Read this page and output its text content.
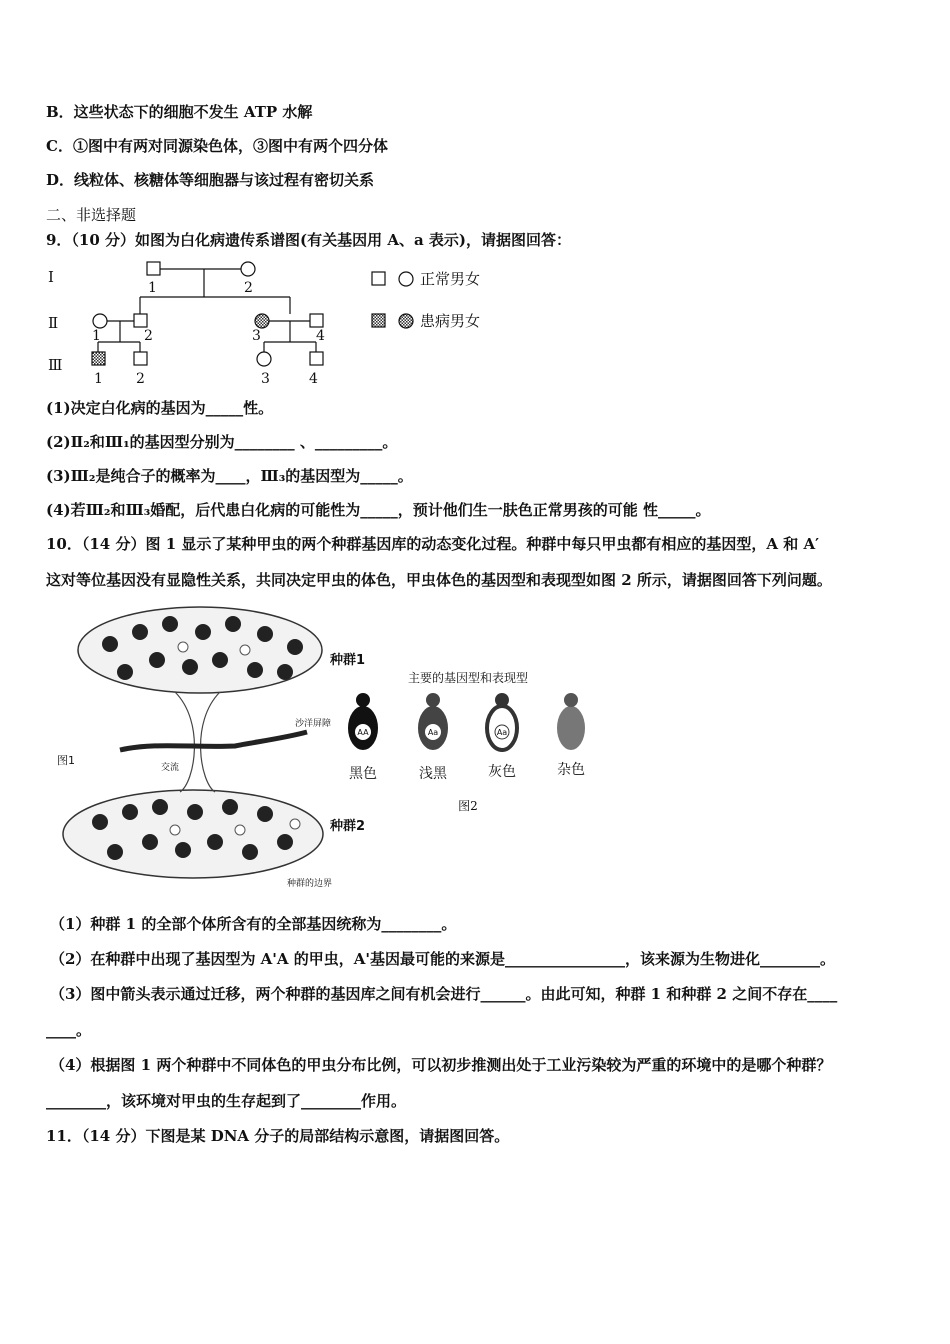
B．这些状态下的细胞不发生 ATP 水解
C．①图中有两对同源染色体，③图中有两个四分体
D．线粒体、核糖体等细胞器与该过程有密切关系
二、非选择题
9．（10 分）如图为白化病遗传系谱图(有关基因用 A、a 表示)，请据图回答：
Ⅰ
Ⅱ
Ⅲ
1	2
1	2	3	4
1 2	3	4
正常男女
患病男女
(1)决定白化病的基因为_____性。
(2)Ⅱ₂和Ⅲ₁的基因型分别为________ 、_________。
(3)Ⅲ₂是纯合子的概率为____，Ⅲ₃的基因型为_____。
(4)若Ⅲ₂和Ⅲ₃婚配，后代患白化病的可能性为_____，预计他们生一肤色正常男孩的可能 性_____。
10．（14 分）图 1 显示了某种甲虫的两个种群基因库的动态变化过程。种群中每只甲虫都有相应的基因型，A 和 A′
这对等位基因没有显隐性关系，共同决定甲虫的体色，甲虫体色的基因型和表现型如图 2 所示，请据图回答下列问题。
图1
种群1
种群2
沙洋屏障
交流
种群的边界
主要的基因型和表现型
AA	Aa	Aa
黑色	浅黑	灰色	杂色
图2
（1）种群 1 的全部个体所含有的全部基因统称为________。
（2）在种群中出现了基因型为 A'A 的甲虫，A'基因最可能的来源是________________，该来源为生物进化________。
（3）图中箭头表示通过迁移，两个种群的基因库之间有机会进行______。由此可知，种群 1 和种群 2 之间不存在____
____。
（4）根据图 1 两个种群中不同体色的甲虫分布比例，可以初步推测出处于工业污染较为严重的环境中的是哪个种群？
________，该环境对甲虫的生存起到了________作用。
11．（14 分）下图是某 DNA 分子的局部结构示意图，请据图回答。
